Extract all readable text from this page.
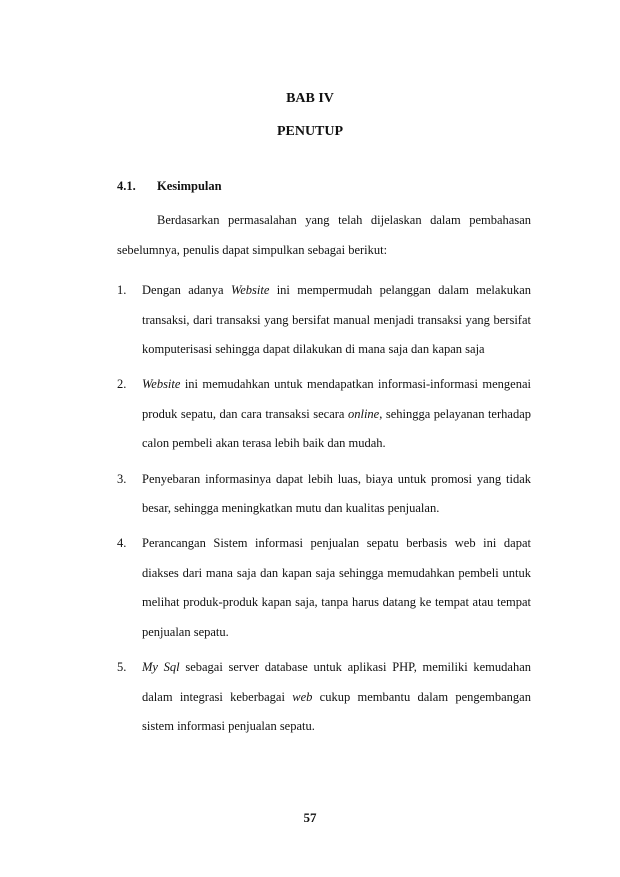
BAB IV
PENUTUP
4.1. Kesimpulan
Berdasarkan permasalahan yang telah dijelaskan dalam pembahasan sebelumnya, penulis dapat simpulkan sebagai berikut:
1.	Dengan adanya Website ini mempermudah pelanggan dalam melakukan transaksi, dari transaksi yang bersifat manual menjadi transaksi yang bersifat komputerisasi sehingga dapat dilakukan di mana saja dan kapan saja
2.	Website ini memudahkan untuk mendapatkan informasi-informasi mengenai produk sepatu, dan cara transaksi secara online, sehingga pelayanan terhadap calon pembeli akan terasa lebih baik dan mudah.
3.	Penyebaran informasinya dapat lebih luas, biaya untuk promosi yang tidak besar, sehingga meningkatkan mutu dan kualitas penjualan.
4.	Perancangan Sistem informasi penjualan sepatu berbasis web ini dapat diakses dari mana saja dan kapan saja sehingga memudahkan pembeli untuk melihat produk-produk kapan saja, tanpa harus datang ke tempat atau tempat penjualan sepatu.
5.	My Sql sebagai server database untuk aplikasi PHP, memiliki kemudahan dalam integrasi keberbagai web cukup membantu dalam pengembangan sistem informasi penjualan sepatu.
57
